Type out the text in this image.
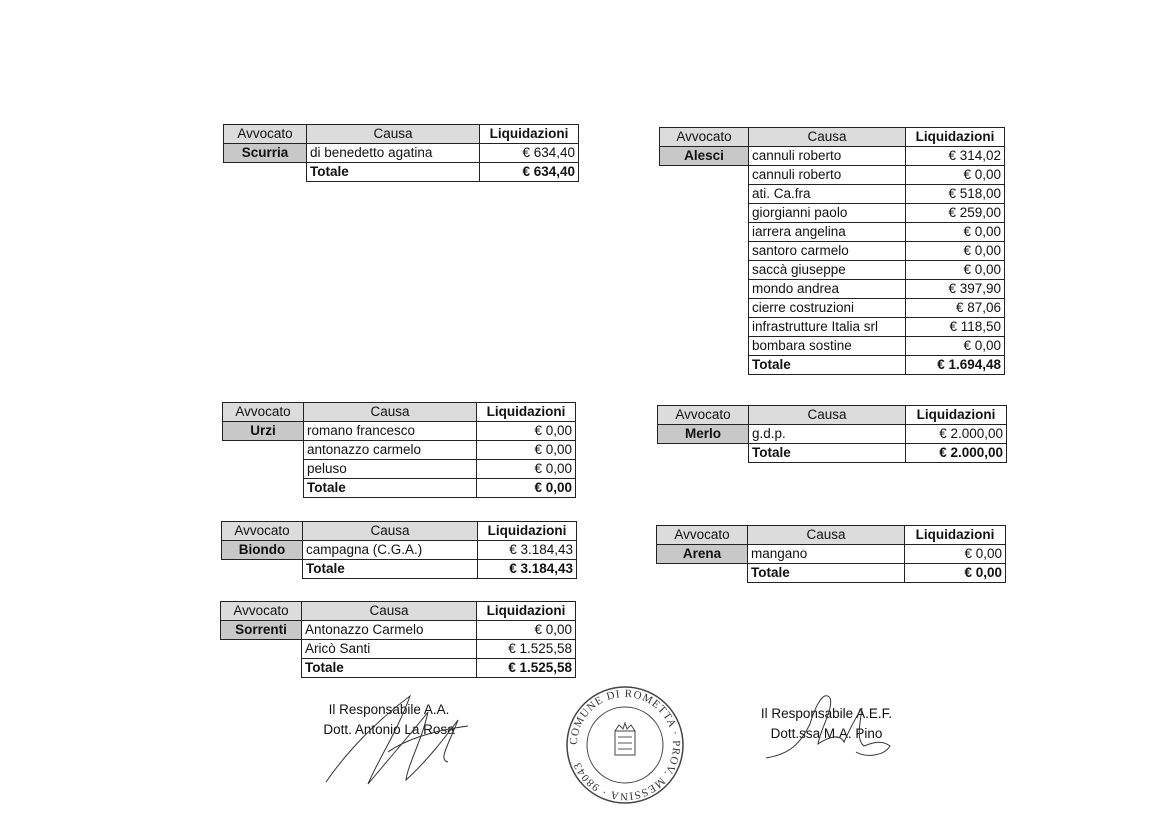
Avvocato	Causa	Liquidazioni
Scurria	di benedetto agatina	€ 634,40
	Totale	€ 634,40
Avvocato	Causa	Liquidazioni
Alesci	cannuli roberto	€ 314,02
	cannuli roberto	€ 0,00
	ati. Ca.fra	€ 518,00
	giorgianni paolo	€ 259,00
	iarrera angelina	€ 0,00
	santoro carmelo	€ 0,00
	saccà giuseppe	€ 0,00
	mondo andrea	€ 397,90
	cierre costruzioni	€ 87,06
	infrastrutture Italia srl	€ 118,50
	bombara sostine	€ 0,00
	Totale	€ 1.694,48
Avvocato	Causa	Liquidazioni
Urzi	romano francesco	€ 0,00
	antonazzo carmelo	€ 0,00
	peluso	€ 0,00
	Totale	€ 0,00
Avvocato	Causa	Liquidazioni
Merlo	g.d.p.	€ 2.000,00
	Totale	€ 2.000,00
Avvocato	Causa	Liquidazioni
Biondo	campagna (C.G.A.)	€ 3.184,43
	Totale	€ 3.184,43
Avvocato	Causa	Liquidazioni
Arena	mangano	€ 0,00
	Totale	€ 0,00
Avvocato	Causa	Liquidazioni
Sorrenti	Antonazzo Carmelo	€ 0,00
	Aricò Santi	€ 1.525,58
	Totale	€ 1.525,58
Il Responsabile A.A.
Dott. Antonio La Rosa
COMUNE DI ROMETTA · PROV. MESSINA · 98043
Il Responsabile A.E.F.
Dott.ssa M.A. Pino
